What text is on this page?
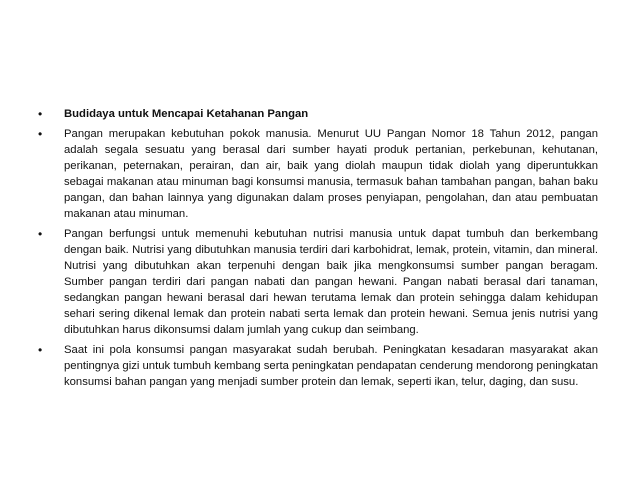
•	Budidaya untuk Mencapai Ketahanan Pangan
•	Pangan merupakan kebutuhan pokok manusia. Menurut UU Pangan Nomor 18 Tahun 2012, pangan adalah segala sesuatu yang berasal dari sumber hayati produk pertanian, perkebunan, kehutanan, perikanan, peternakan, perairan, dan air, baik yang diolah maupun tidak diolah yang diperuntukkan sebagai makanan atau minuman bagi konsumsi manusia, termasuk bahan tambahan pangan, bahan baku pangan, dan bahan lainnya yang digunakan dalam proses penyiapan, pengolahan, dan atau pembuatan makanan atau minuman.
•	Pangan berfungsi untuk memenuhi kebutuhan nutrisi manusia untuk dapat tumbuh dan berkembang dengan baik. Nutrisi yang dibutuhkan manusia terdiri dari karbohidrat, lemak, protein, vitamin, dan mineral. Nutrisi yang dibutuhkan akan terpenuhi dengan baik jika mengkonsumsi sumber pangan beragam. Sumber pangan terdiri dari pangan nabati dan pangan hewani. Pangan nabati berasal dari tanaman, sedangkan pangan hewani berasal dari hewan terutama lemak dan protein sehingga dalam kehidupan sehari sering dikenal lemak dan protein nabati serta lemak dan protein hewani. Semua jenis nutrisi yang dibutuhkan harus dikonsumsi dalam jumlah yang cukup dan seimbang.
•	Saat ini pola konsumsi pangan masyarakat sudah berubah. Peningkatan kesadaran masyarakat akan pentingnya gizi untuk tumbuh kembang serta peningkatan pendapatan cenderung mendorong peningkatan konsumsi bahan pangan yang menjadi sumber protein dan lemak, seperti ikan, telur, daging, dan susu.
